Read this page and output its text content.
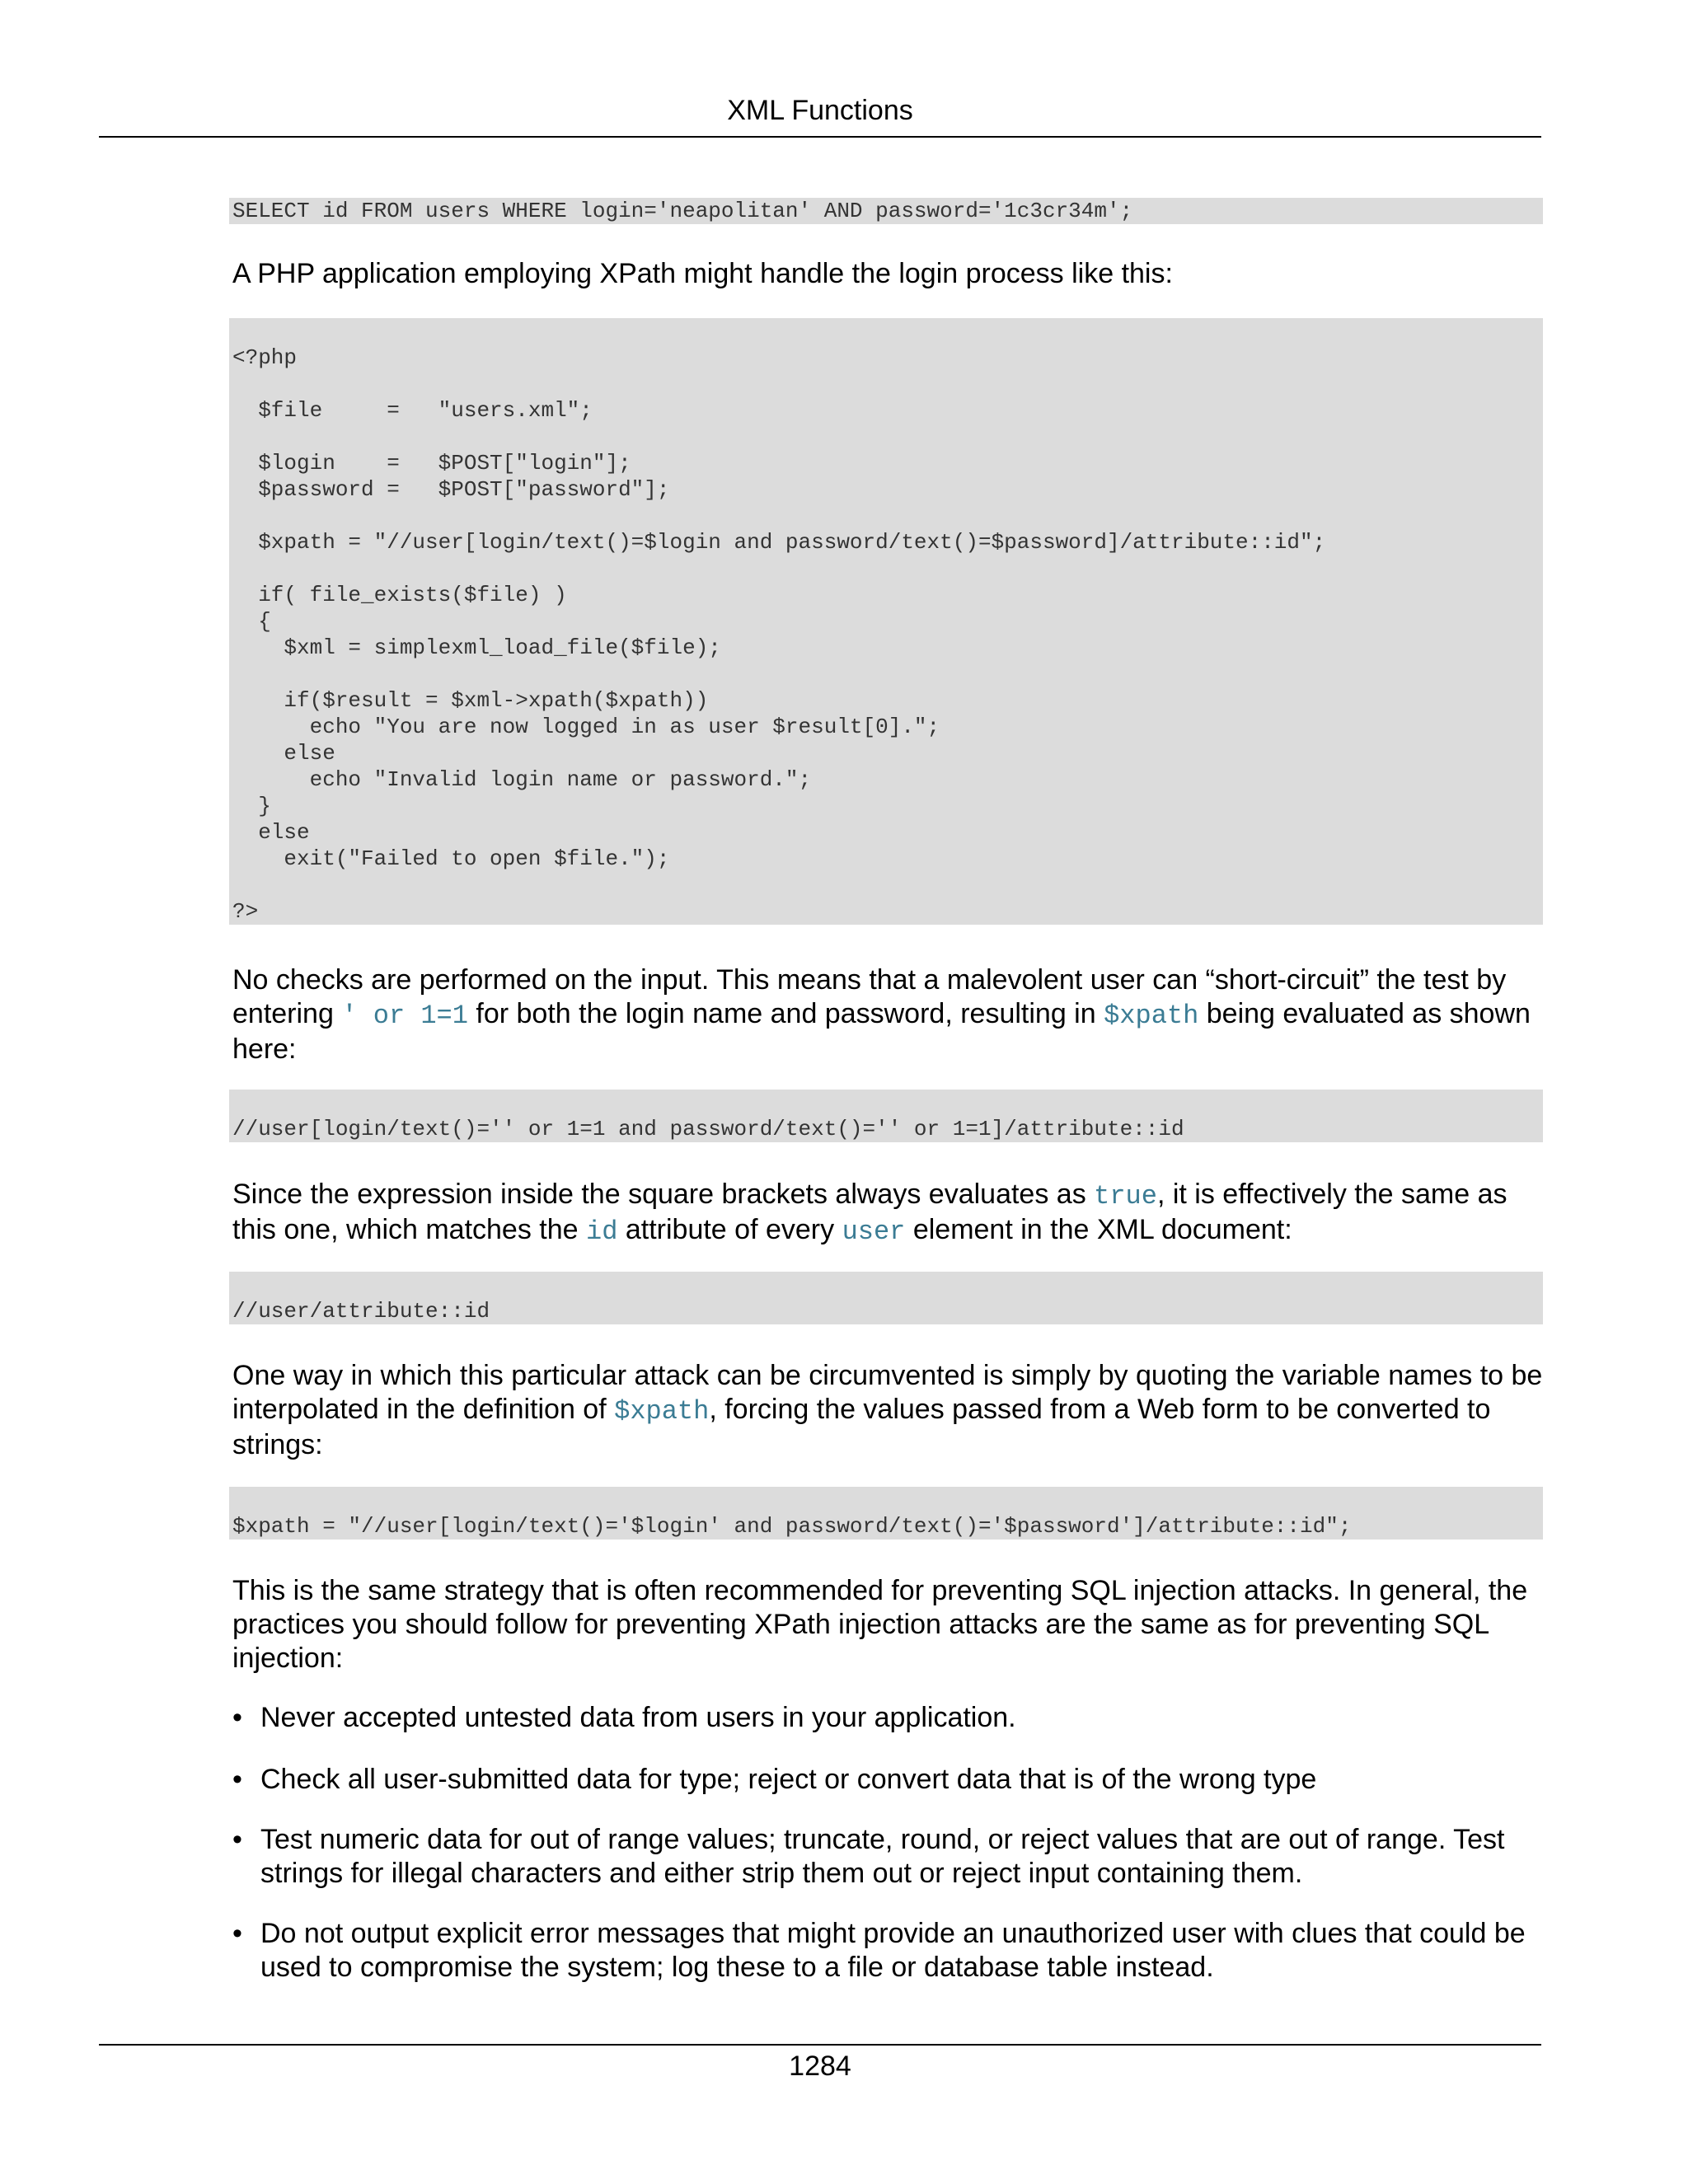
XML Functions
SELECT id FROM users WHERE login='neapolitan' AND password='1c3cr34m';

A PHP application employing XPath might handle the login process like this:

<?php
$file     =   "users.xml";
$login    =   $POST["login"];
$password =   $POST["password"];
$xpath = "//user[login/text()=$login and password/text()=$password]/attribute::id";
if( file_exists($file) )
{
$xml = simplexml_load_file($file);
if($result = $xml->xpath($xpath))
echo "You are now logged in as user $result[0].";
else
echo "Invalid login name or password.";
}
else
exit("Failed to open $file.");
?>

No checks are performed on the input. This means that a malevolent user can “short-circuit” the test by entering ' or 1=1 for both the login name and password, resulting in $xpath being evaluated as shown here:

//user[login/text()='' or 1=1 and password/text()='' or 1=1]/attribute::id

Since the expression inside the square brackets always evaluates as true, it is effectively the same as this one, which matches the id attribute of every user element in the XML document:

//user/attribute::id

One way in which this particular attack can be circumvented is simply by quoting the variable names to be interpolated in the definition of $xpath, forcing the values passed from a Web form to be converted to strings:

$xpath = "//user[login/text()='$login' and password/text()='$password']/attribute::id";

This is the same strategy that is often recommended for preventing SQL injection attacks. In general, the practices you should follow for preventing XPath injection attacks are the same as for preventing SQL injection:

• Never accepted untested data from users in your application.
• Check all user-submitted data for type; reject or convert data that is of the wrong type
• Test numeric data for out of range values; truncate, round, or reject values that are out of range. Test strings for illegal characters and either strip them out or reject input containing them.
• Do not output explicit error messages that might provide an unauthorized user with clues that could be used to compromise the system; log these to a file or database table instead.
1284
